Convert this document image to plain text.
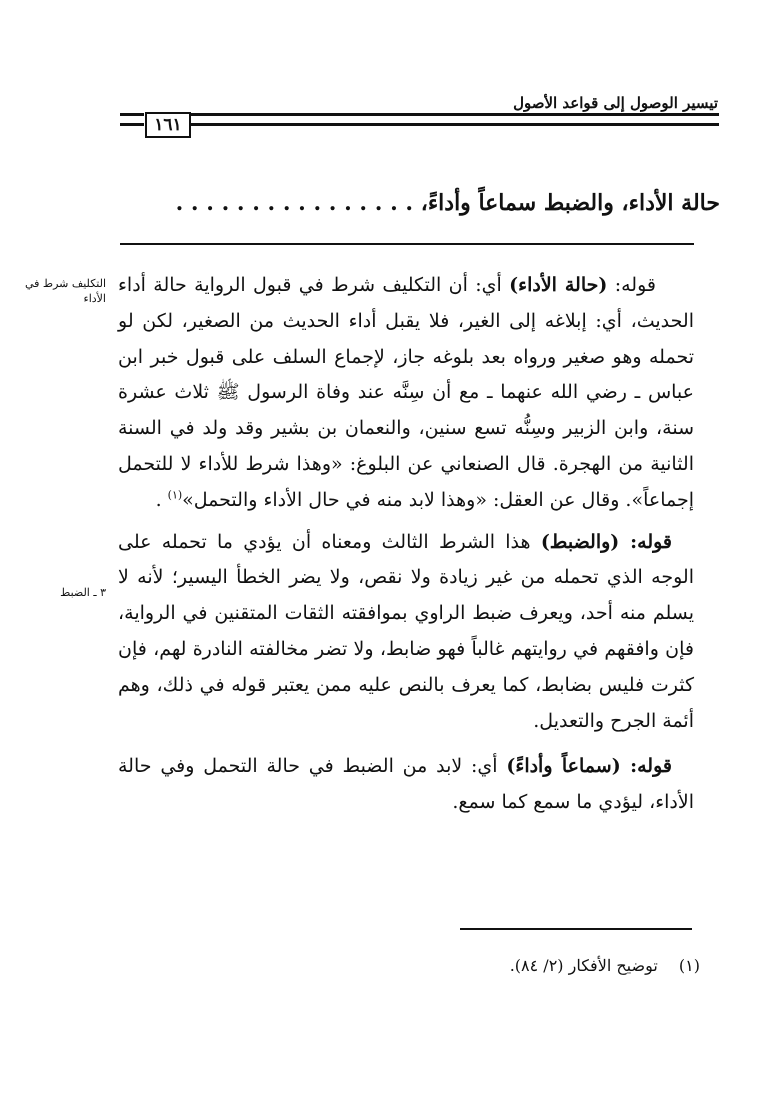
تيسير الوصول إلى قواعد الأصول
١٦١
حالة الأداء، والضبط سماعاً وأداءً، . . . . . . . . . . . . . . . .
التكليف شرط في الأداء
٣ ـ الضبط

قوله: (حالة الأداء) أي: أن التكليف شرط في قبول الرواية حالة أداء الحديث، أي: إبلاغه إلى الغير، فلا يقبل أداء الحديث من الصغير، لكن لو تحمله وهو صغير ورواه بعد بلوغه جاز، لإجماع السلف على قبول خبر ابن عباس ـ رضي الله عنهما ـ مع أن سِنَّه عند وفاة الرسول ﷺ ثلاث عشرة سنة، وابن الزبير وسِنُّه تسع سنين، والنعمان بن بشير وقد ولد في السنة الثانية من الهجرة. قال الصنعاني عن البلوغ: «وهذا شرط للأداء لا للتحمل إجماعاً». وقال عن العقل: «وهذا لابد منه في حال الأداء والتحمل»$^{(١)}$ .

قوله: (والضبط) هذا الشرط الثالث ومعناه أن يؤدي ما تحمله على الوجه الذي تحمله من غير زيادة ولا نقص، ولا يضر الخطأ اليسير؛ لأنه لا يسلم منه أحد، ويعرف ضبط الراوي بموافقته الثقات المتقنين في الرواية، فإن وافقهم في روايتهم غالباً فهو ضابط، ولا تضر مخالفته النادرة لهم، فإن كثرت فليس بضابط، كما يعرف بالنص عليه ممن يعتبر قوله في ذلك، وهم أئمة الجرح والتعديل.

قوله: (سماعاً وأداءً) أي: لابد من الضبط في حالة التحمل وفي حالة الأداء، ليؤدي ما سمع كما سمع.

(١) توضيح الأفكار (٢/ ٨٤).
